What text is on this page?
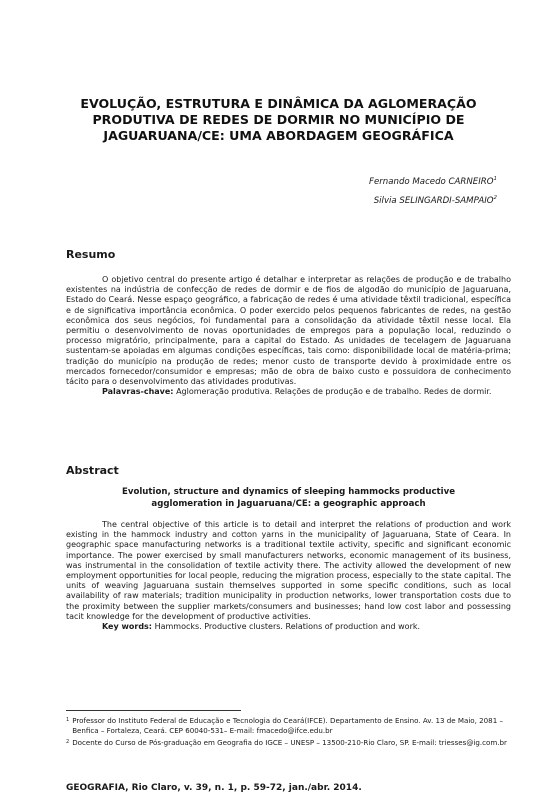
EVOLUÇÃO, ESTRUTURA E DINÂMICA DA AGLOMERAÇÃO
PRODUTIVA DE REDES DE DORMIR NO MUNICÍPIO DE
JAGUARUANA/CE: UMA ABORDAGEM GEOGRÁFICA
Fernando Macedo CARNEIRO$^1$
Silvia SELINGARDI-SAMPAIO$^2$
Resumo

O objetivo central do presente artigo é detalhar e interpretar as relações de produção e de trabalho existentes na indústria de confecção de redes de dormir e de fios de algodão do município de Jaguaruana, Estado do Ceará. Nesse espaço geográfico, a fabricação de redes é uma atividade têxtil tradicional, específica e de significativa importância econômica. O poder exercido pelos pequenos fabricantes de redes, na gestão econômica dos seus negócios, foi fundamental para a consolidação da atividade têxtil nesse local. Ela permitiu o desenvolvimento de novas oportunidades de empregos para a população local, reduzindo o processo migratório, principalmente, para a capital do Estado. As unidades de tecelagem de Jaguaruana sustentam-se apoiadas em algumas condições específicas, tais como: disponibilidade local de matéria-prima; tradição do município na produção de redes; menor custo de transporte devido à proximidade entre os mercados fornecedor/consumidor e empresas; mão de obra de baixo custo e possuidora de conhecimento tácito para o desenvolvimento das atividades produtivas.

Palavras-chave: Aglomeração produtiva. Relações de produção e de trabalho. Redes de dormir.

Abstract
Evolution, structure and dynamics of sleeping hammocks productive
agglomeration in Jaguaruana/CE: a geographic approach

The central objective of this article is to detail and interpret the relations of production and work existing in the hammock industry and cotton yarns in the municipality of Jaguaruana, State of Ceara. In geographic space manufacturing networks is a traditional textile activity, specific and significant economic importance. The power exercised by small manufacturers networks, economic management of its business, was instrumental in the consolidation of textile activity there. The activity allowed the development of new employment opportunities for local people, reducing the migration process, especially to the state capital. The units of weaving Jaguaruana sustain themselves supported in some specific conditions, such as local availability of raw materials; tradition municipality in production networks, lower transportation costs due to the proximity between the supplier markets/consumers and businesses; hand low cost labor and possessing tacit knowledge for the development of productive activities.

Key words: Hammocks. Productive clusters. Relations of production and work.

1 Professor do Instituto Federal de Educação e Tecnologia do Ceará(IFCE). Departamento de Ensino. Av. 13 de Maio, 2081 –Benfica – Fortaleza, Ceará. CEP 60040-531– E-mail: fmacedo@ifce.edu.br
2 Docente do Curso de Pós-graduação em Geografia do IGCE – UNESP – 13500-210-Rio Claro, SP. E-mail: triesses@ig.com.br
GEOGRAFIA, Rio Claro, v. 39, n. 1, p. 59-72, jan./abr. 2014.
